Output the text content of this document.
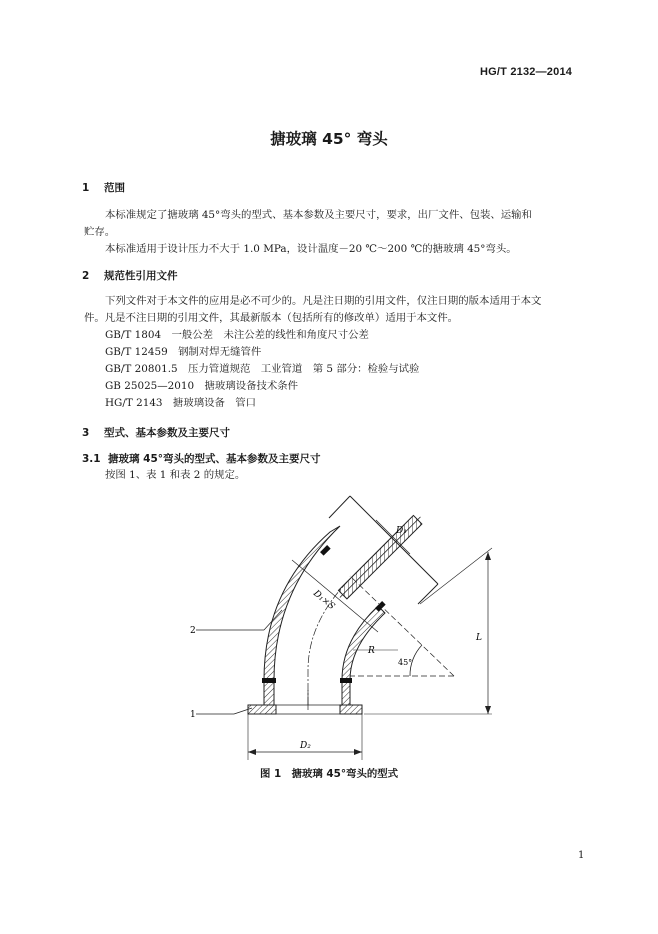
HG/T 2132—2014
搪玻璃 45° 弯头
1 范围
本标准规定了搪玻璃 45°弯头的型式、基本参数及主要尺寸，要求，出厂文件、包装、运输和
贮存。
本标准适用于设计压力不大于 1.0 MPa，设计温度－20 ℃～200 ℃的搪玻璃 45°弯头。
2 规范性引用文件
下列文件对于本文件的应用是必不可少的。凡是注日期的引用文件，仅注日期的版本适用于本文
件。凡是不注日期的引用文件，其最新版本（包括所有的修改单）适用于本文件。
GB/T 1804　一般公差　未注公差的线性和角度尺寸公差
GB/T 12459　钢制对焊无缝管件
GB/T 20801.5　压力管道规范　工业管道　第 5 部分：检验与试验
GB 25025—2010　搪玻璃设备技术条件
HG/T 2143　搪玻璃设备　管口
3 型式、基本参数及主要尺寸
3.1 搪玻璃 45°弯头的型式、基本参数及主要尺寸
按图 1、表 1 和表 2 的规定。
D₁
D₁×S
R
L
45°
D₂
2
1
图 1　搪玻璃 45°弯头的型式
1
